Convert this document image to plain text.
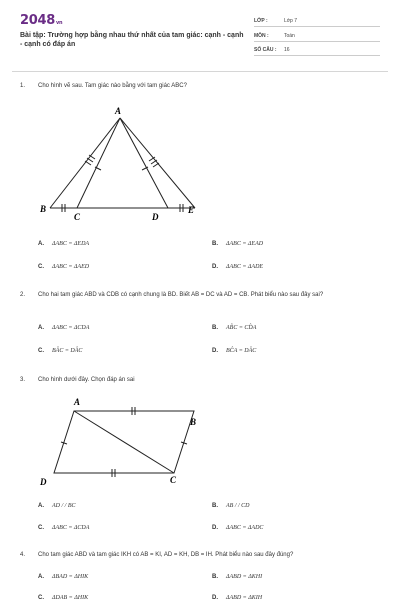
2048vn
Bài tập: Trường hợp bằng nhau thứ nhất của tam giác: cạnh - cạnh - cạnh có đáp án
LỚP :	Lớp 7
MÔN :	Toán
SỐ CÂU : 16
1. Cho hình vẽ sau. Tam giác nào bằng với tam giác ABC?
A
B
C	D
E
A. ΔABC = ΔEDA	B. ΔABC = ΔEAD
C. ΔABC = ΔAED	D. ΔABC = ΔADE
2. Cho hai tam giác ABD và CDB có cạnh chung là BD. Biết AB = DC và AD = CB. Phát biểu nào sau đây sai?
A. ΔABC = ΔCDA	B. AB̂C = CD̂A
C. BÂC = DÂC	D. BĈA = DÂC
3. Cho hình dưới đây. Chọn đáp án sai
A
B
C
D
A. AD / / BC	B. AB / / CD
C. ΔABC = ΔCDA	D. ΔABC = ΔADC
4. Cho tam giác ABD và tam giác IKH có AB = KI, AD = KH, DB = IH. Phát biểu nào sau đây đúng?
A. ΔBAD = ΔHIK	B. ΔABD = ΔKHI
C. ΔDAB = ΔHIK	D. ΔABD = ΔKIH
